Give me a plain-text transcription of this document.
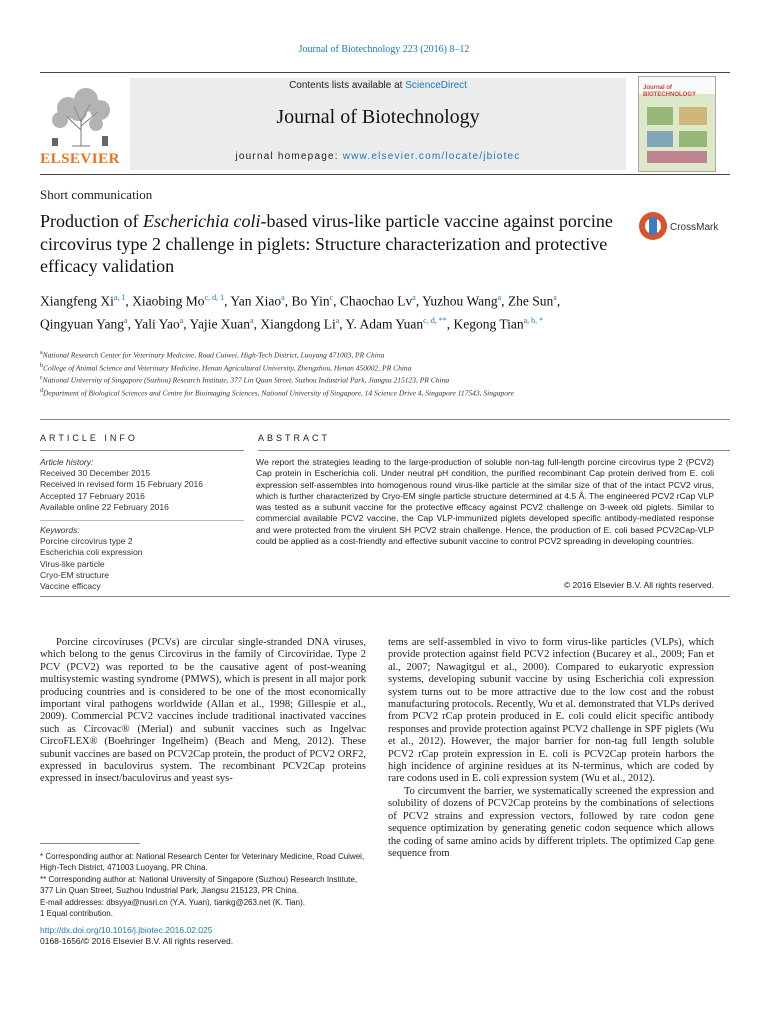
Journal of Biotechnology 223 (2016) 8–12
ELSEVIER
Contents lists available at ScienceDirect
Journal of Biotechnology
journal homepage: www.elsevier.com/locate/jbiotec
Journal of BIOTECHNOLOGY
Short communication
Production of Escherichia coli-based virus-like particle vaccine against porcine circovirus type 2 challenge in piglets: Structure characterization and protective efficacy validation
CrossMark
Xiangfeng Xi$^{a, 1}$, Xiaobing Mo$^{c, d, 1}$, Yan Xiao$^a$, Bo Yin$^c$, Chaochao Lv$^a$, Yuzhou Wang$^a$, Zhe Sun$^a$, Qingyuan Yang$^a$, Yali Yao$^a$, Yajie Xuan$^a$, Xiangdong Li$^a$, Y. Adam Yuan$^{c, d, **}$, Kegong Tian$^{a, b, *}$
$^a$National Research Center for Veterinary Medicine, Road Cuiwei, High-Tech District, Luoyang 471003, PR China
$^b$College of Animal Science and Veterinary Medicine, Henan Agricultural University, Zhengzhou, Henan 450002, PR China
$^c$National University of Singapore (Suzhou) Research Institute, 377 Lin Quan Street, Suzhou Industrial Park, Jiangsu 215123, PR China
$^d$Department of Biological Sciences and Centre for Bioimaging Sciences, National University of Singapore, 14 Science Drive 4, Singapore 117543, Singapore
ARTICLE INFO	ABSTRACT
Article history:
Received 30 December 2015
Received in revised form 15 February 2016
Accepted 17 February 2016
Available online 22 February 2016
Keywords:
Porcine circovirus type 2
Escherichia coli expression
Virus-like particle
Cryo-EM structure
Vaccine efficacy
We report the strategies leading to the large-production of soluble non-tag full-length porcine circovirus type 2 (PCV2) Cap protein in Escherichia coli. Under neutral pH condition, the purified recombinant Cap protein derived from E. coli expression self-assembles into homogenous round virus-like particle at the similar size of that of the intact PCV2 virus, which is further characterized by Cryo-EM single particle structure determined at 4.5 Å. The engineered PCV2 rCap VLP was tested as a subunit vaccine for the protective efficacy against PCV2 challenge on 3-week old piglets. Similar to commercial available PCV2 vaccine, the Cap VLP-immunized piglets developed specific antibody-mediated response and were protected from the virulent SH PCV2 strain challenge. Hence, the production of E. coli based PCV2Cap-VLP could be applied as a cost-friendly and effective subunit vaccine to control PCV2 spreading in developing countries.
© 2016 Elsevier B.V. All rights reserved.

Porcine circoviruses (PCVs) are circular single-stranded DNA viruses, which belong to the genus Circovirus in the family of Circoviridae. Type 2 PCV (PCV2) was reported to be the causative agent of post-weaning multisystemic wasting syndrome (PMWS), which is present in all major pork producing countries and is considered to be one of the most economically important viral pathogens worldwide (Allan et al., 1998; Gillespie et al., 2009). Commercial PCV2 vaccines include traditional inactivated vaccines such as Circovac® (Merial) and subunit vaccines such as Ingelvac CircoFLEX® (Boehringer Ingelheim) (Beach and Meng, 2012). These subunit vaccines are based on PCV2Cap protein, the product of PCV2 ORF2, expressed in baculovirus system. The recombinant PCV2Cap proteins expressed in insect/baculovirus and yeast sys-

tems are self-assembled in vivo to form virus-like particles (VLPs), which provide protection against field PCV2 infection (Bucarey et al., 2009; Fan et al., 2007; Nawagitgul et al., 2000). Compared to eukaryotic expression systems, developing subunit vaccine by using Escherichia coli expression system turns out to be more attractive due to the low cost and the robust manufacturing protocols. Recently, Wu et al. demonstrated that VLPs derived from PCV2 rCap protein produced in E. coli could elicit specific antibody responses and provide protection against PCV2 challenge in SPF piglets (Wu et al., 2012). However, the major barrier for non-tag full length soluble PCV2 rCap protein expression in E. coli is PCV2Cap protein harbors the high incidence of arginine residues at its N-terminus, which are coded by rare codons used in E. coli expression system (Wu et al., 2012).

To circumvent the barrier, we systematically screened the expression and solubility of dozens of PCV2Cap proteins by the combinations of selections of PCV2 strains and expression vectors, followed by rare codon gene sequence optimization by generating genetic codon sequence which allows the coding of same amino acids by different triplets. The optimized Cap gene sequence from

* Corresponding author at: National Research Center for Veterinary Medicine, Road Cuiwei, High-Tech District, 471003 Luoyang, PR China.

** Corresponding author at: National University of Singapore (Suzhou) Research Institute, 377 Lin Quan Street, Suzhou Industrial Park, Jiangsu 215123, PR China.

E-mail addresses: dbsyya@nusri.cn (Y.A. Yuan), tiankg@263.net (K. Tian).

1 Equal contribution.

http://dx.doi.org/10.1016/j.jbiotec.2016.02.025
0168-1656/© 2016 Elsevier B.V. All rights reserved.
